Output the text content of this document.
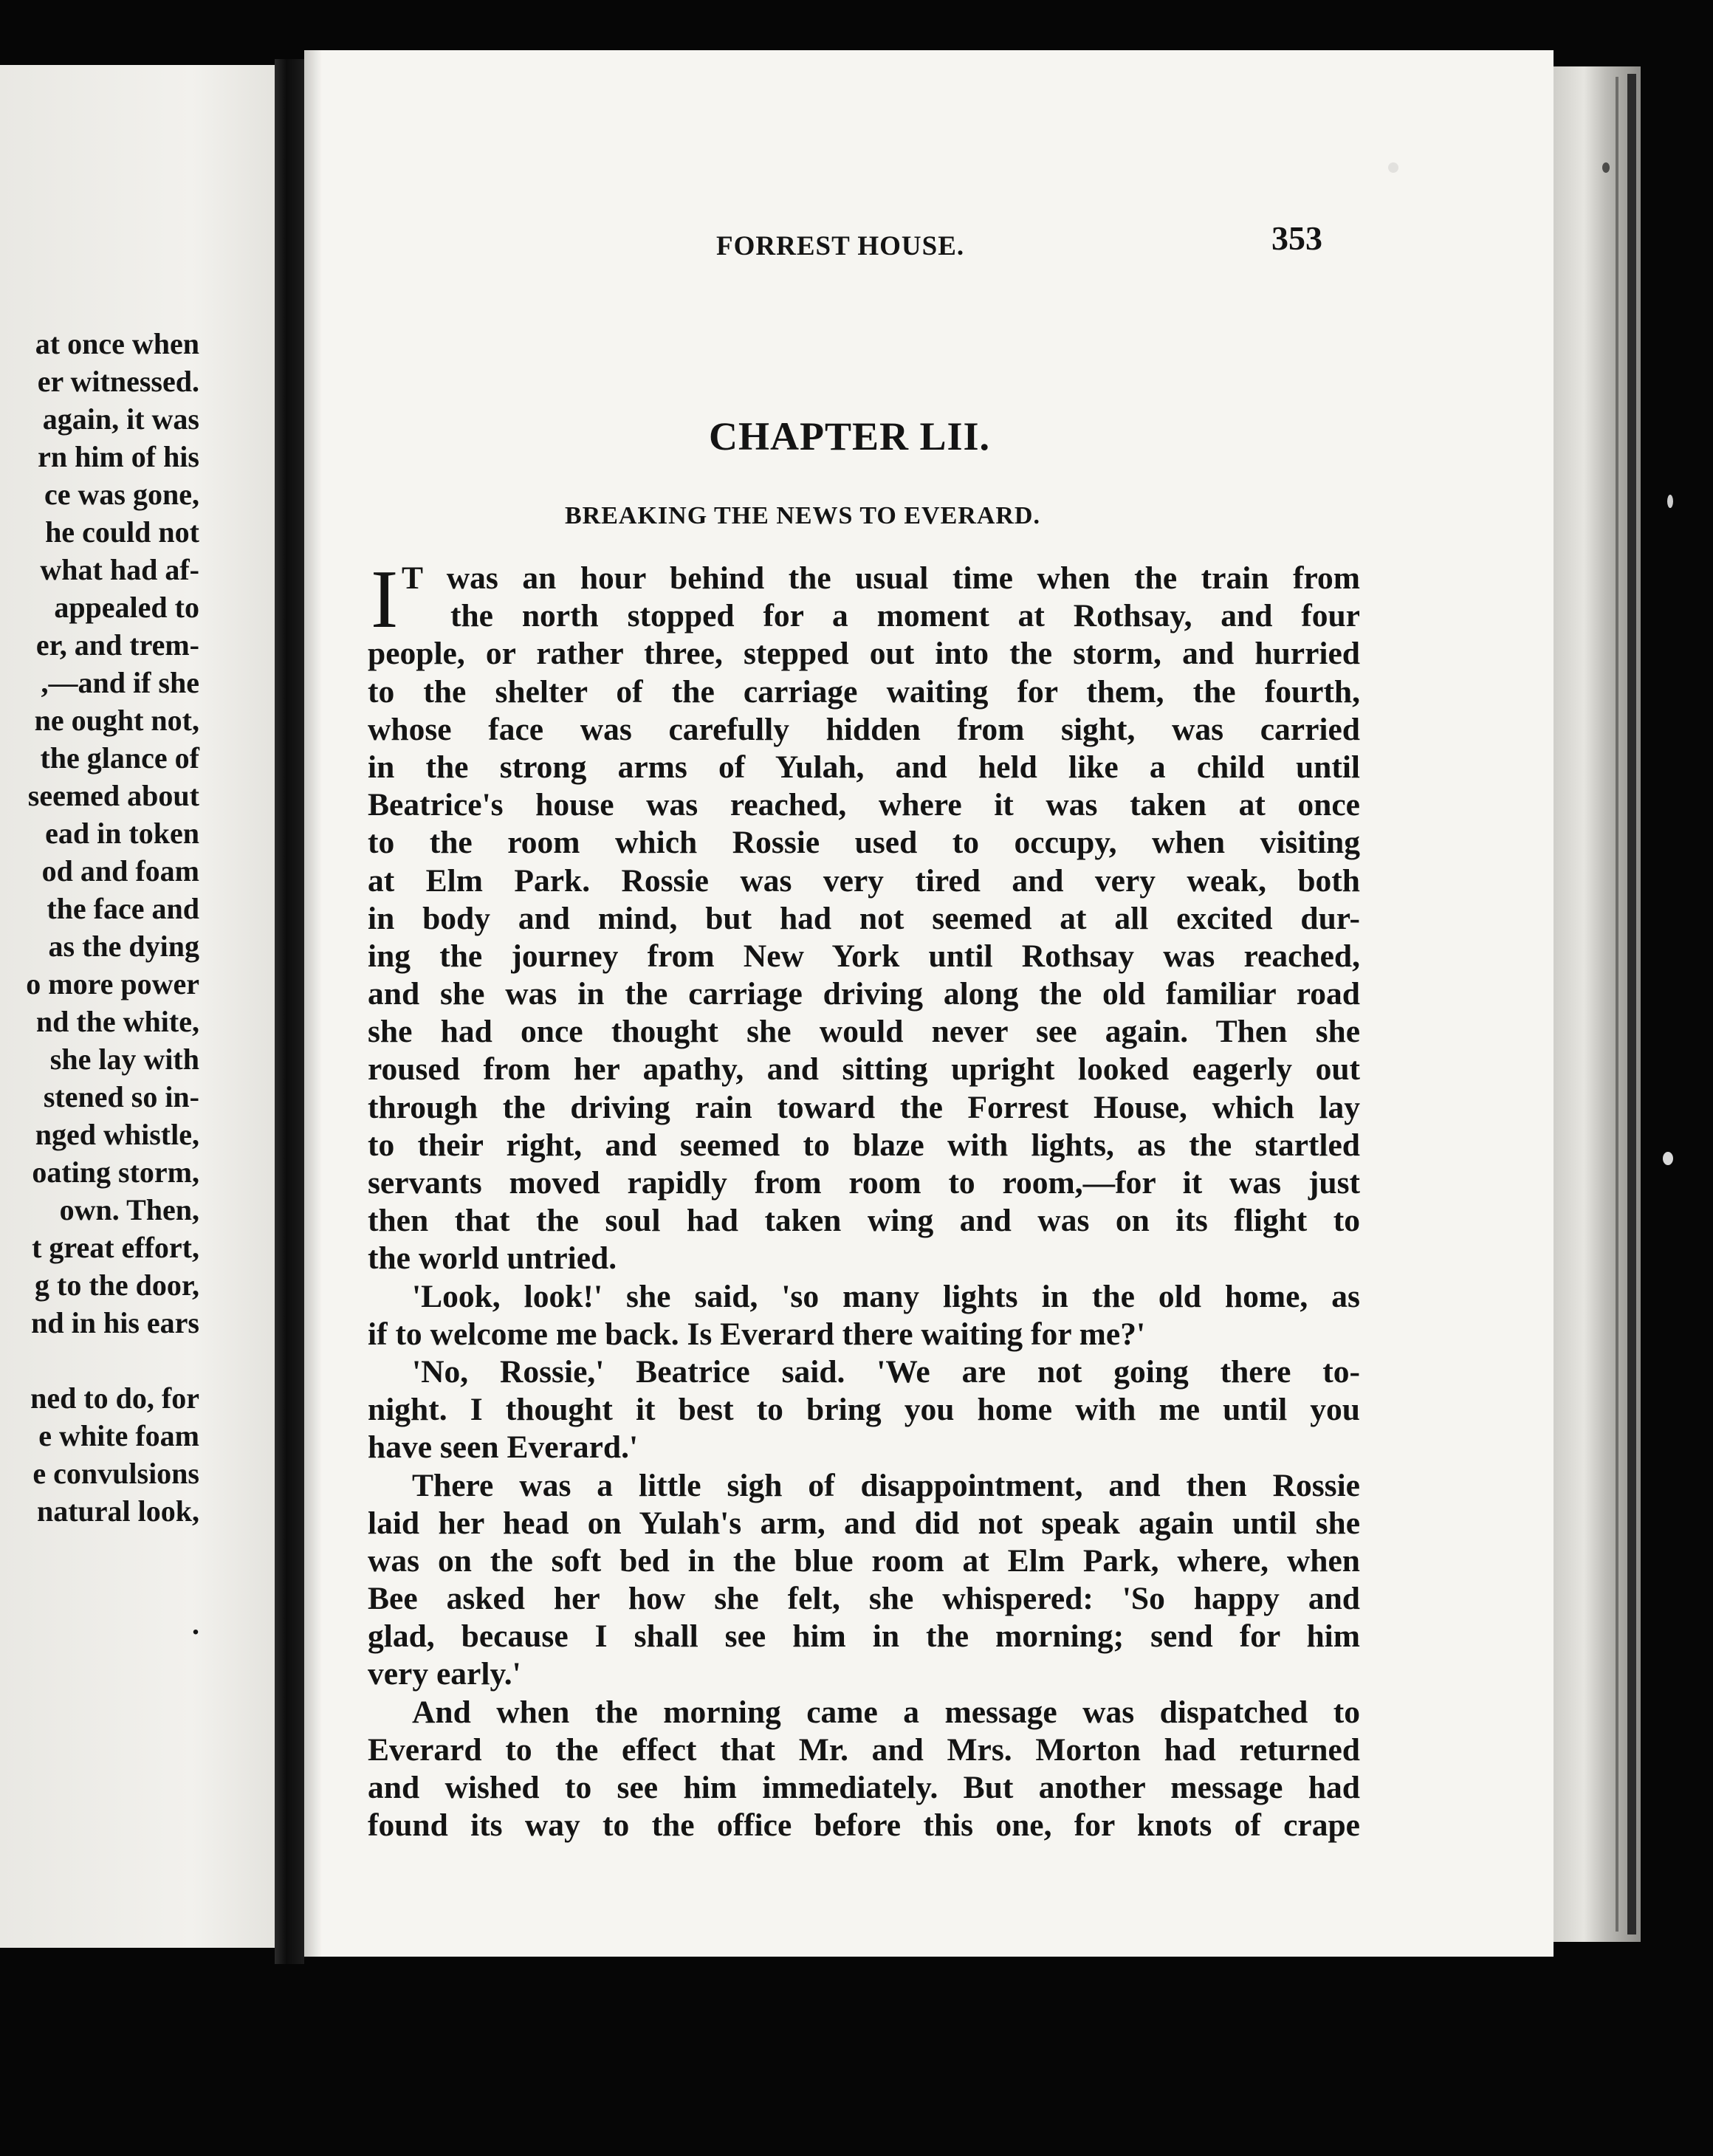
at once when
er witnessed.
again, it was
rn him of his
ce was gone,
he could not
what had af-
appealed to
er, and trem-
,—and if she
ne ought not,
the glance of
seemed about
ead in token
od and foam
the face and
as the dying
o more power
nd the white,
she lay with
stened so in-
nged whistle,
oating storm,
own. Then,
t great effort,
g to the door,
nd in his ears
ned to do, for
e white foam
e convulsions
natural look,
.
FORREST HOUSE.	353
CHAPTER LII.
BREAKING THE NEWS TO EVERARD.
I T was an hour behind the usual time when the train from
the north stopped for a moment at Rothsay, and four
people, or rather three, stepped out into the storm, and hurried
to the shelter of the carriage waiting for them, the fourth,
whose face was carefully hidden from sight, was carried
in the strong arms of Yulah, and held like a child until
Beatrice's house was reached, where it was taken at once
to the room which Rossie used to occupy, when visiting
at Elm Park. Rossie was very tired and very weak, both
in body and mind, but had not seemed at all excited dur-
ing the journey from New York until Rothsay was reached,
and she was in the carriage driving along the old familiar road
she had once thought she would never see again. Then she
roused from her apathy, and sitting upright looked eagerly out
through the driving rain toward the Forrest House, which lay
to their right, and seemed to blaze with lights, as the startled
servants moved rapidly from room to room,—for it was just
then that the soul had taken wing and was on its flight to
the world untried.
'Look, look!' she said, 'so many lights in the old home, as
if to welcome me back. Is Everard there waiting for me?'
'No, Rossie,' Beatrice said. 'We are not going there to-
night. I thought it best to bring you home with me until you
have seen Everard.'
There was a little sigh of disappointment, and then Rossie
laid her head on Yulah's arm, and did not speak again until she
was on the soft bed in the blue room at Elm Park, where, when
Bee asked her how she felt, she whispered: 'So happy and
glad, because I shall see him in the morning; send for him
very early.'
And when the morning came a message was dispatched to
Everard to the effect that Mr. and Mrs. Morton had returned
and wished to see him immediately. But another message had
found its way to the office before this one, for knots of crape
